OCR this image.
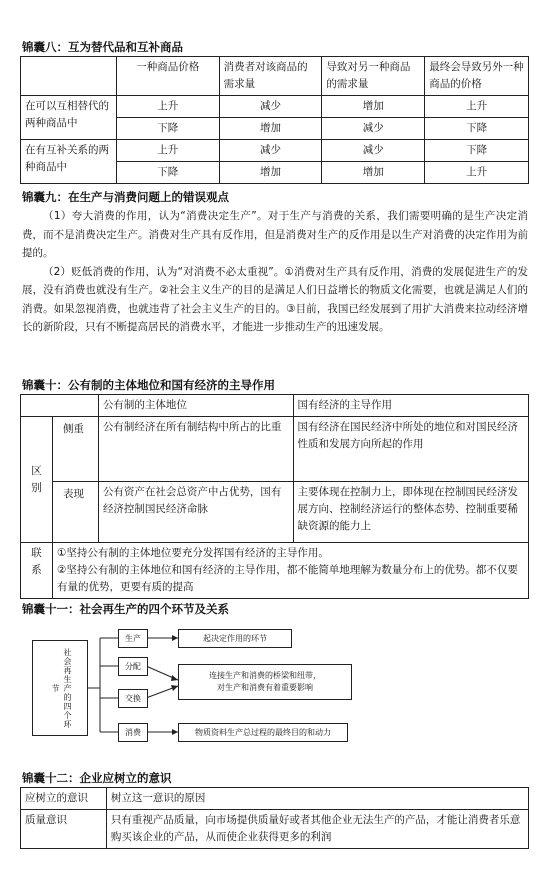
锦囊八：互为替代品和互补商品
	一种商品价格	消费者对该商品的需求量	导致对另一种商品的需求量	最终会导致另外一种商品的价格
在可以互相替代的两种商品中	上升	减少	增加	上升
	下降	增加	减少	下降
在有互补关系的两种商品中	上升	减少	减少	下降
	下降	增加	增加	上升
锦囊九：在生产与消费问题上的错误观点

（1）夸大消费的作用，认为“消费决定生产”。对于生产与消费的关系，我们需要明确的是生产决定消费，而不是消费决定生产。消费对生产具有反作用，但是消费对生产的反作用是以生产对消费的决定作用为前提的。

（2）贬低消费的作用，认为“对消费不必太重视”。①消费对生产具有反作用，消费的发展促进生产的发展，没有消费也就没有生产。②社会主义生产的目的是满足人们日益增长的物质文化需要，也就是满足人们的消费。如果忽视消费，也就违背了社会主义生产的目的。③目前，我国已经发展到了用扩大消费来拉动经济增长的新阶段，只有不断提高居民的消费水平，才能进一步推动生产的迅速发展。

锦囊十：公有制的主体地位和国有经济的主导作用
		公有制的主体地位	国有经济的主导作用
区别	侧重	公有制经济在所有制结构中所占的比重	国有经济在国民经济中所处的地位和对国民经济性质和发展方向所起的作用
	表现	公有资产在社会总资产中占优势，国有经济控制国民经济命脉	主要体现在控制力上，即体现在控制国民经济发展方向、控制经济运行的整体态势、控制重要稀缺资源的能力上
联系	①坚持公有制的主体地位要充分发挥国有经济的主导作用。
②坚持公有制的主体地位和国有经济的主导作用，都不能简单地理解为数量分布上的优势。都不仅要有量的优势，更要有质的提高		
锦囊十一：社会再生产的四个环节及关系
社会再生产的四个环节
生产
分配
交换
消费
起决定作用的环节
连接生产和消费的桥梁和纽带，
对生产和消费有着重要影响
物质资料生产总过程的最终目的和动力
锦囊十二：企业应树立的意识
应树立的意识	树立这一意识的原因
质量意识	只有重视产品质量，向市场提供质量好或者其他企业无法生产的产品，才能让消费者乐意购买该企业的产品，从而使企业获得更多的利润
